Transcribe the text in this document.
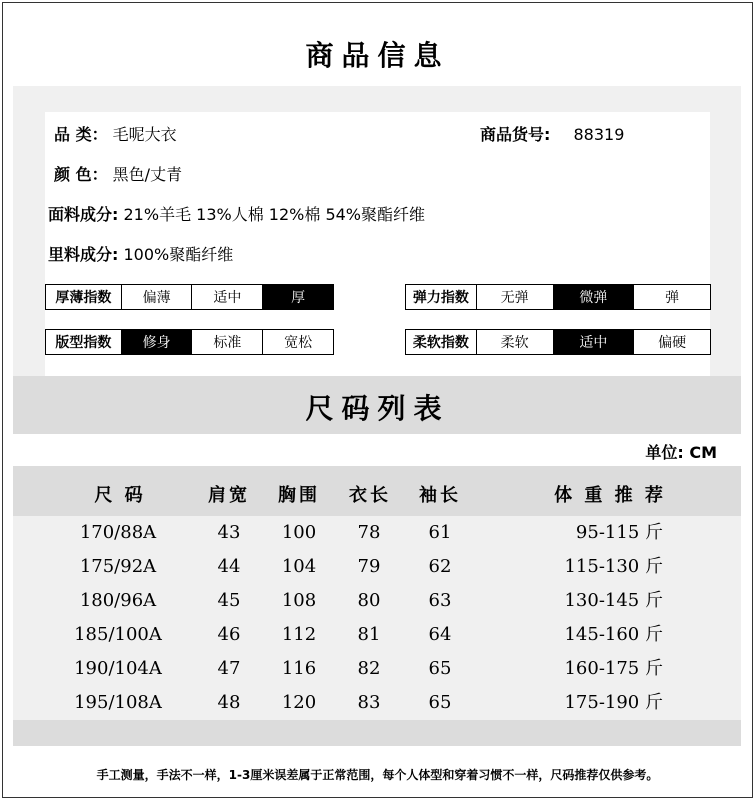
商品信息
品 类： 毛呢大衣	商品货号: 88319
颜 色： 黑色/丈青
面料成分: 21%羊毛 13%人棉 12%棉 54%聚酯纤维
里料成分: 100%聚酯纤维
厚薄指数	偏薄	适中	厚	弹力指数	无弹	微弹	弹
版型指数	修身	标准	宽松	柔软指数	柔软	适中	偏硬
尺码列表
单位: CM
尺 码	肩宽	胸围	衣长	袖长	体 重 推 荐
170/88A	43	100	78	61	95-115 斤
175/92A	44	104	79	62	115-130 斤
180/96A	45	108	80	63	130-145 斤
185/100A	46	112	81	64	145-160 斤
190/104A	47	116	82	65	160-175 斤
195/108A	48	120	83	65	175-190 斤
手工测量，手法不一样，1-3厘米误差属于正常范围，每个人体型和穿着习惯不一样，尺码推荐仅供参考。
